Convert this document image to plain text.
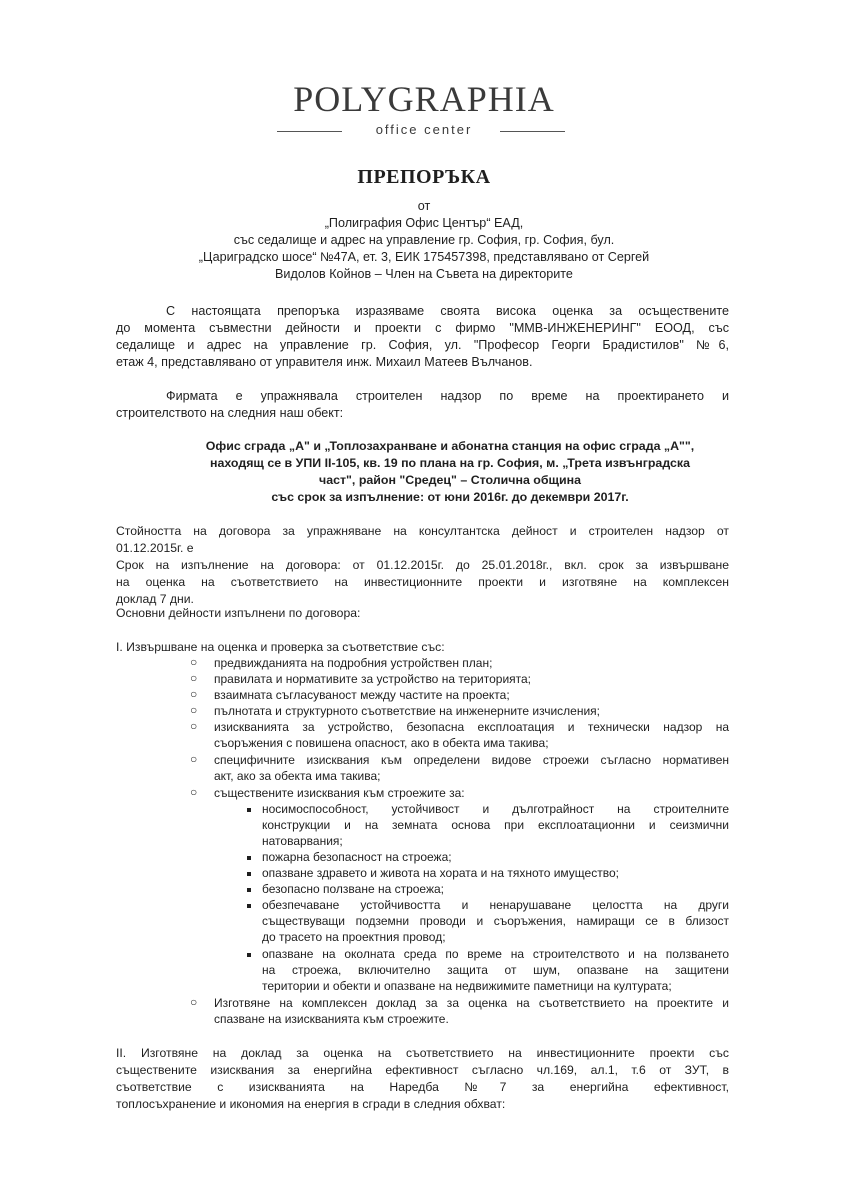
POLYGRAPHIA
office center
ПРЕПОРЪКА

от

„Полиграфия Офис Център“ ЕАД,

със седалище и адрес на управление гр. София, гр. София, бул.

„Цариградско шосе“ №47А, ет. 3, ЕИК 175457398, представлявано от Сергей

Видолов Койнов – Член на Съвета на директорите

С настоящата препоръка изразяваме своята висока оценка за осъществените

до момента съвместни дейности и проекти с фирмо "ММВ-ИНЖЕНЕРИНГ" ЕООД, със

седалище и адрес на управление гр. София, ул. "Професор Георги Брадистилов" №6,

етаж 4, представлявано от управителя инж. Михаил Матеев Вълчанов.

Фирмата е упражнявала строителен надзор по време на проектирането и

строителството на следния наш обект:

Офис сграда „А" и „Топлозахранване и абонатна станция на офис сграда „А"",

находящ се в УПИ II-105, кв. 19 по плана на гр. София, м. „Трета извънградска

част", район "Средец" – Столична община

със срок за изпълнение: от юни 2016г. до декември 2017г.

Стойността на договора за упражняване на консултантска дейност и строителен надзор от

01.12.2015г. е

Срок на изпълнение на договора: от 01.12.2015г. до 25.01.2018г., вкл. срок за извършване

на оценка на съответствието на инвестиционните проекти и изготвяне на комплексен

доклад 7 дни.

Основни дейности изпълнени по договора:

I. Извършване на оценка и проверка за съответствие със:

○ предвижданията на подробния устройствен план;

○ правилата и нормативите за устройство на територията;

○ взаимната съгласуваност между частите на проекта;

○ пълнотата и структурното съответствие на инженерните изчисления;

○ изискванията за устройство, безопасна експлоатация и технически надзор на

съоръжения с повишена опасност, ако в обекта има такива;

○ специфичните изисквания към определени видове строежи съгласно нормативен

акт, ако за обекта има такива;

○ съществените изисквания към строежите за:

носимоспособност, устойчивост и дълготрайност на строителните

конструкции и на земната основа при експлоатационни и сеизмични

натоварвания;

пожарна безопасност на строежа;

опазване здравето и живота на хората и на тяхното имущество;

безопасно ползване на строежа;

обезпечаване устойчивостта и ненарушаване целостта на други

съществуващи подземни проводи и съоръжения, намиращи се в близост

до трасето на проектния провод;

опазване на околната среда по време на строителството и на ползването

на строежа, включително защита от шум, опазване на защитени

територии и обекти и опазване на недвижимите паметници на културата;

○ Изготвяне на комплексен доклад за за оценка на съответствието на проектите и

спазване на изискванията към строежите.

II. Изготвяне на доклад за оценка на съответствието на инвестиционните проекти със

съществените изисквания за енергийна ефективност съгласно чл.169, ал.1, т.6 от ЗУТ, в

съответствие с изискванията на Наредба №7 за енергийна ефективност,

топлосъхранение и икономия на енергия в сгради в следния обхват:
